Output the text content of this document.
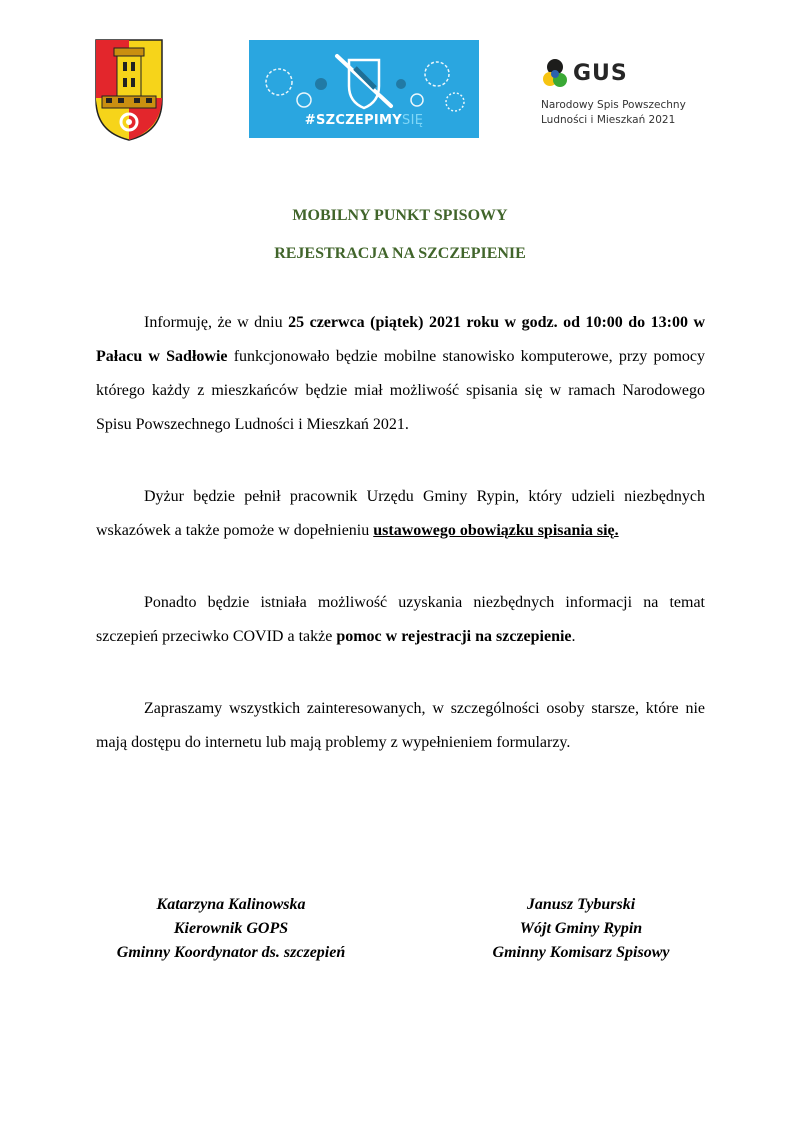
#SZCZEPIMYSIĘ
GUS
Narodowy Spis Powszechny
Ludności i Mieszkań 2021
MOBILNY PUNKT SPISOWY
REJESTRACJA NA SZCZEPIENIE

Informuję, że w dniu 25 czerwca (piątek) 2021 roku w godz. od 10:00 do 13:00 w Pałacu w Sadłowie funkcjonowało będzie mobilne stanowisko komputerowe, przy pomocy którego każdy z mieszkańców będzie miał możliwość spisania się w ramach Narodowego Spisu Powszechnego Ludności i Mieszkań 2021.

Dyżur będzie pełnił pracownik Urzędu Gminy Rypin, który udzieli niezbędnych wskazówek a także pomoże w dopełnieniu ustawowego obowiązku spisania się.

Ponadto będzie istniała możliwość uzyskania niezbędnych informacji na temat szczepień przeciwko COVID a także pomoc w rejestracji na szczepienie.

Zapraszamy wszystkich zainteresowanych, w szczególności osoby starsze, które nie mają dostępu do internetu lub mają problemy z wypełnieniem formularzy.

Katarzyna Kalinowska
Kierownik GOPS
Gminny Koordynator ds. szczepień
Janusz Tyburski
Wójt Gminy Rypin
Gminny Komisarz Spisowy
